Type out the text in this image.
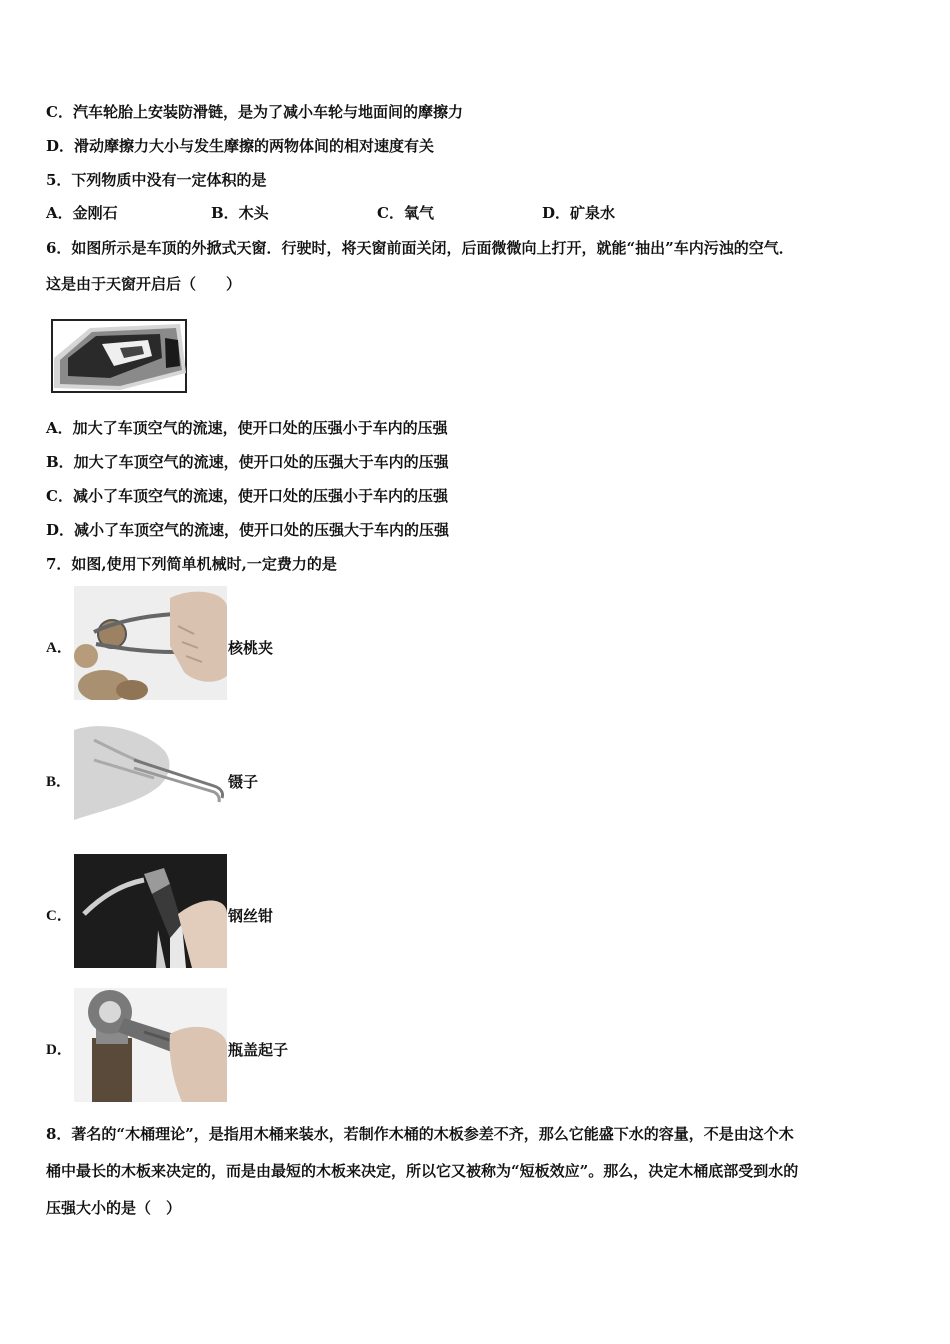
C．汽车轮胎上安装防滑链，是为了减小车轮与地面间的摩擦力
D．滑动摩擦力大小与发生摩擦的两物体间的相对速度有关
5．下列物质中没有一定体积的是
A．金刚石	B．木头	C．氧气	D．矿泉水
6．如图所示是车顶的外掀式天窗．行驶时，将天窗前面关闭，后面微微向上打开，就能“抽出”车内污浊的空气．
这是由于天窗开启后（　　）
A．加大了车顶空气的流速，使开口处的压强小于车内的压强
B．加大了车顶空气的流速，使开口处的压强大于车内的压强
C．减小了车顶空气的流速，使开口处的压强小于车内的压强
D．减小了车顶空气的流速，使开口处的压强大于车内的压强
7．如图,使用下列简单机械时,一定费力的是
A．	核桃夹
B．	镊子
C．	钢丝钳
D．	瓶盖起子
8．著名的“木桶理论”，是指用木桶来装水，若制作木桶的木板参差不齐，那么它能盛下水的容量，不是由这个木
桶中最长的木板来决定的，而是由最短的木板来决定，所以它又被称为“短板效应”。那么，决定木桶底部受到水的
压强大小的是（　）
